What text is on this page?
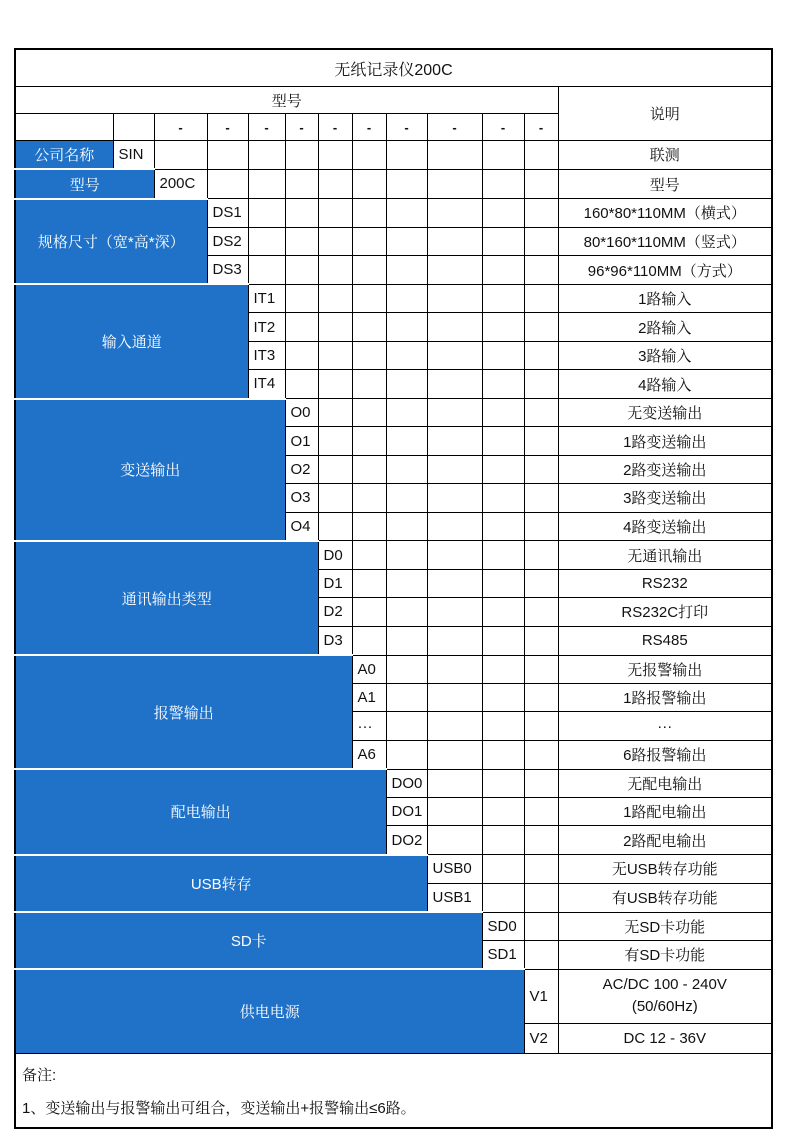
无纸记录仪200C												
型号												说明
		-	-	-	-	-	-	-	-	-	-	
公司名称	SIN											联测
型号		200C										型号
规格尺寸（宽*高*深）			DS1									160*80*110MM（横式）
			DS2									80*160*110MM（竖式）
			DS3									96*96*110MM（方式）
输入通道				IT1								1路输入
				IT2								2路输入
				IT3								3路输入
				IT4								4路输入
变送输出					O0							无变送输出
					O1							1路变送输出
					O2							2路变送输出
					O3							3路变送输出
					O4							4路变送输出
通讯输出类型						D0						无通讯输出
						D1						RS232
						D2						RS232C打印
						D3						RS485
报警输出							A0					无报警输出
							A1					1路报警输出
							···					···
							A6					6路报警输出
配电输出								DO0				无配电输出
								DO1				1路配电输出
								DO2				2路配电输出
USB转存									USB0			无USB转存功能
									USB1			有USB转存功能
SD卡										SD0		无SD卡功能
										SD1		有SD卡功能
供电电源											V1	AC/DC 100 - 240V
(50/60Hz)

											V2	DC 12 - 36V

备注:
1、变送输出与报警输出可组合，变送输出+报警输出≤6路。												
